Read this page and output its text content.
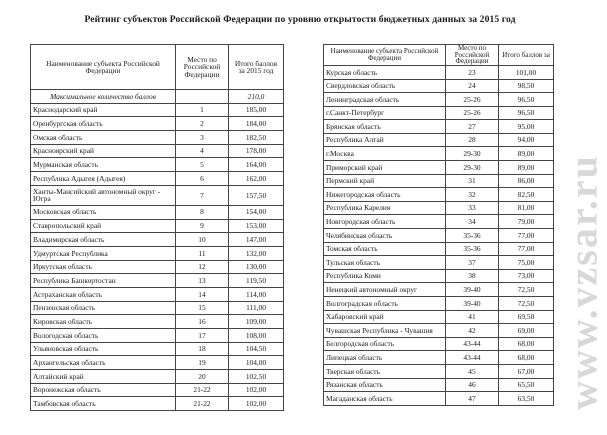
Рейтинг субъектов Российской Федерации по уровню открытости бюджетных данных за 2015 год
Наименование субъекта Российской Федерации	Место по Российской Федерации	Итого баллов за 2015 год
Максимальное количество баллов		210,0
Краснодарский край	1	185,00
Оренбургская область	2	184,00
Омская область	3	182,50
Красноярский край	4	178,00
Мурманская область	5	164,00
Республика Адыгея (Адыгея)	6	162,00
Ханты-Мансийский автономный округ - Югра	7	157,50
Московская область	8	154,00
Ставропольский край	9	153,00
Владимирская область	10	147,00
Удмуртская Республика	11	132,00
Иркутская область	12	130,00
Республика Башкортостан	13	119,50
Астраханская область	14	114,00
Пензенская область	15	111,00
Кировская область	16	109,00
Вологодская область	17	108,00
Ульяновская область	18	104,50
Архангельская область	19	104,00
Алтайский край	20	102,50
Воронежская область	21-22	102,00
Тамбовская область	21-22	102,00
Наименование субъекта Российской Федерации	Место по Российской Федерации	Итого баллов за
Курская область	23	101,00
Свердловская область	24	98,50
Ленинградская область	25-26	96,50
г.Санкт-Петербург	25-26	96,50
Брянская область	27	95,00
Республика Алтай	28	94,00
г.Москва	29-30	89,00
Приморский край	29-30	89,00
Пермский край	31	86,00
Нижегородская область	32	82,50
Республика Карелия	33	81,00
Новгородская область	34	79,00
Челябинская область	35-36	77,00
Томская область	35-36	77,00
Тульская область	37	75,00
Республика Коми	38	73,00
Ненецкий автономный округ	39-40	72,50
Волгоградская область	39-40	72,50
Хабаровский край	41	69,50
Чувашская Республика - Чувашия	42	69,00
Белгородская область	43-44	68,00
Липецкая область	43-44	68,00
Тверская область	45	67,00
Рязанская область	46	65,50
Магаданская область	47	63,50 www.vzsar.ru
